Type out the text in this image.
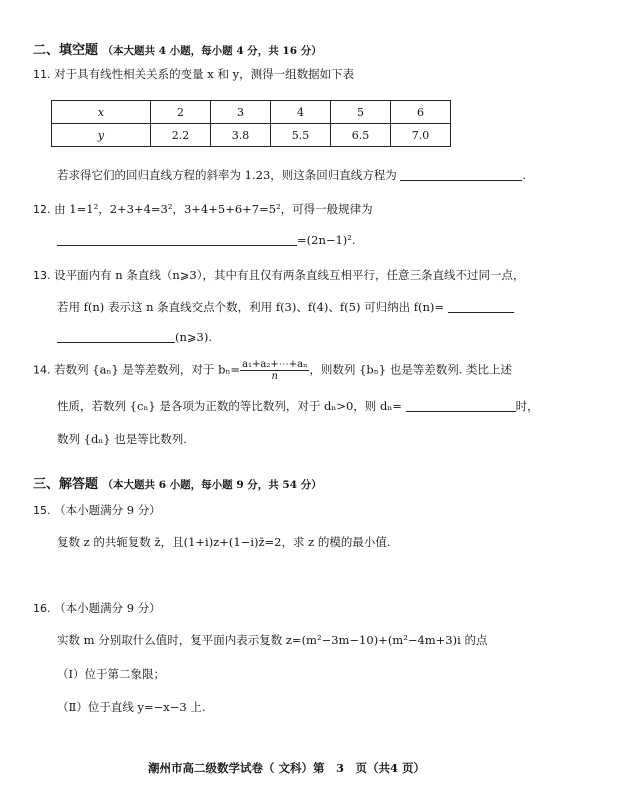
二、填空题 （本大题共 4 小题，每小题 4 分，共 16 分）
11. 对于具有线性相关关系的变量 x 和 y，测得一组数据如下表
x	2	3	4	5	6
y	2.2	3.8	5.5	6.5	7.0
若求得它们的回归直线方程的斜率为 1.23，则这条回归直线方程为	.
12. 由 1=1²，2+3+4=3²，3+4+5+6+7=5²，可得一般规律为
=(2n−1)².
13. 设平面内有 n 条直线（n⩾3），其中有且仅有两条直线互相平行，任意三条直线不过同一点，
若用 f(n) 表示这 n 条直线交点个数，利用 f(3)、f(4)、f(5) 可归纳出 f(n)=
(n⩾3).
14. 若数列 {aₙ} 是等差数列，对于 $b_n= \frac{\text{a₁+a₂+⋯+aₙ}}{n}$ ，则数列 {bₙ} 也是等差数列. 类比上述
性质，若数列 {cₙ} 是各项为正数的等比数列，对于 dₙ>0，则 dₙ=	时，
数列 {dₙ} 也是等比数列.
三、解答题 （本大题共 6 小题，每小题 9 分，共 54 分）
15. （本小题满分 9 分）
复数 z 的共轭复数 z̄，且(1+i)z+(1−i)z̄=2，求 z 的模的最小值.
16. （本小题满分 9 分）
实数 m 分别取什么值时，复平面内表示复数 z=(m²−3m−10)+(m²−4m+3)i 的点
（Ⅰ）位于第二象限；
（Ⅱ）位于直线 y=−x−3 上.
潮州市高二级数学试卷（ 文科）第　3　页（共4 页）
